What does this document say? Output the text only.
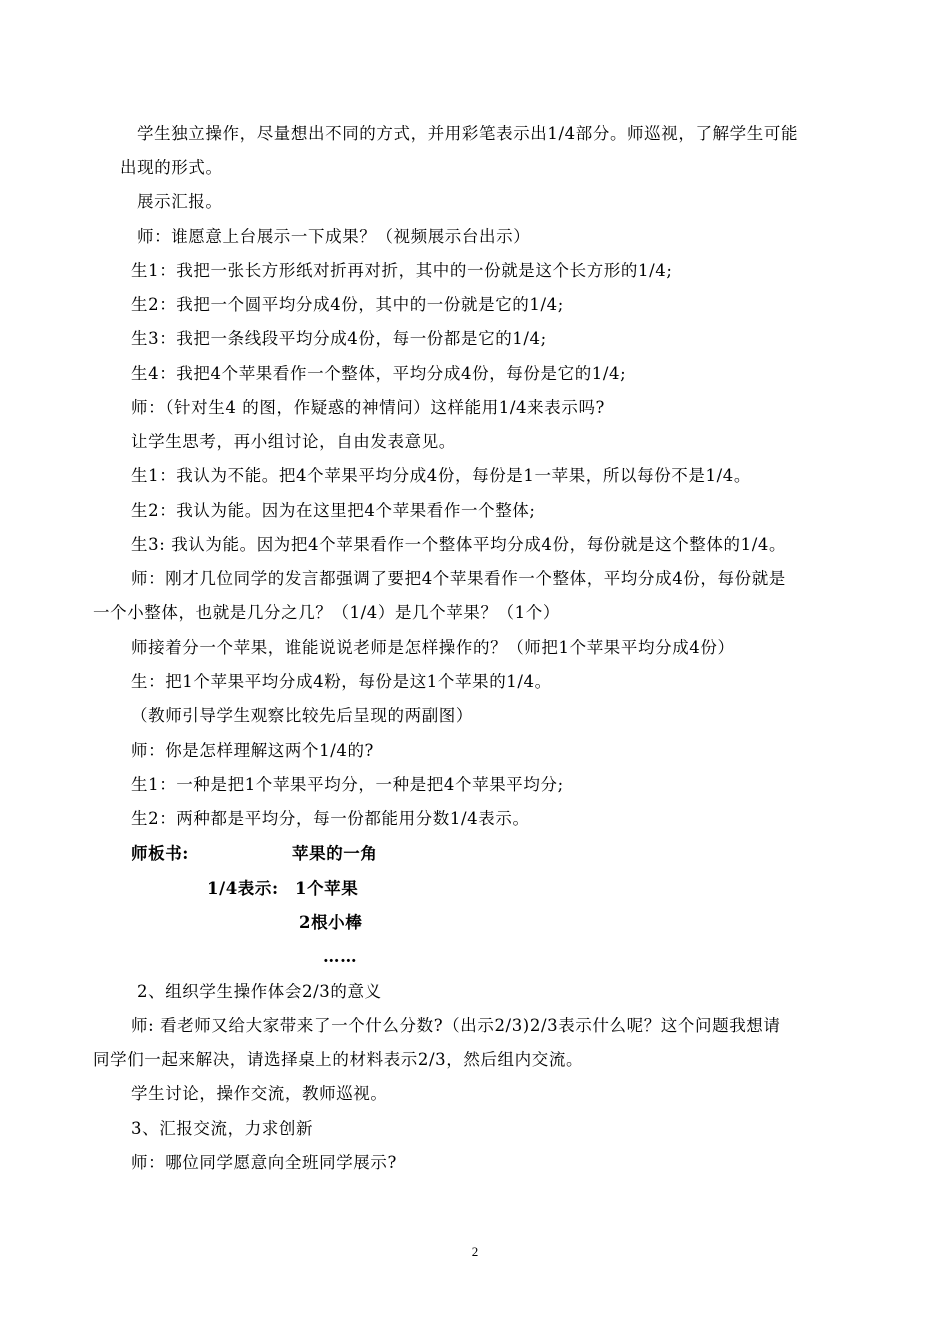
学生独立操作，尽量想出不同的方式，并用彩笔表示出1/4部分。师巡视，了解学生可能
出现的形式。
展示汇报。
师：谁愿意上台展示一下成果？（视频展示台出示）
生1：我把一张长方形纸对折再对折，其中的一份就是这个长方形的1/4;
生2：我把一个圆平均分成4份，其中的一份就是它的1/4;
生3：我把一条线段平均分成4份，每一份都是它的1/4;
生4：我把4个苹果看作一个整体，平均分成4份，每份是它的1/4;
师：（针对生4 的图，作疑惑的神情问）这样能用1/4来表示吗?
让学生思考，再小组讨论，自由发表意见。
生1：我认为不能。把4个苹果平均分成4份，每份是1一苹果，所以每份不是1/4。
生2：我认为能。因为在这里把4个苹果看作一个整体;
生3: 我认为能。因为把4个苹果看作一个整体平均分成4份，每份就是这个整体的1/4。
师：刚才几位同学的发言都强调了要把4个苹果看作一个整体，平均分成4份，每份就是
一个小整体，也就是几分之几？（1/4）是几个苹果？（1个）
师接着分一个苹果，谁能说说老师是怎样操作的？（师把1个苹果平均分成4份）
生：把1个苹果平均分成4粉，每份是这1个苹果的1/4。
（教师引导学生观察比较先后呈现的两副图）
师：你是怎样理解这两个1/4的?
生1：一种是把1个苹果平均分，一种是把4个苹果平均分;
生2：两种都是平均分，每一份都能用分数1/4表示。
师板书:	苹果的一角
1/4表示: 1个苹果
2根小棒
……
2、组织学生操作体会2/3的意义
师: 看老师又给大家带来了一个什么分数?（出示2/3)2/3表示什么呢？这个问题我想请
同学们一起来解决，请选择桌上的材料表示2/3，然后组内交流。
学生讨论，操作交流，教师巡视。
3、汇报交流，力求创新
师：哪位同学愿意向全班同学展示?
2
